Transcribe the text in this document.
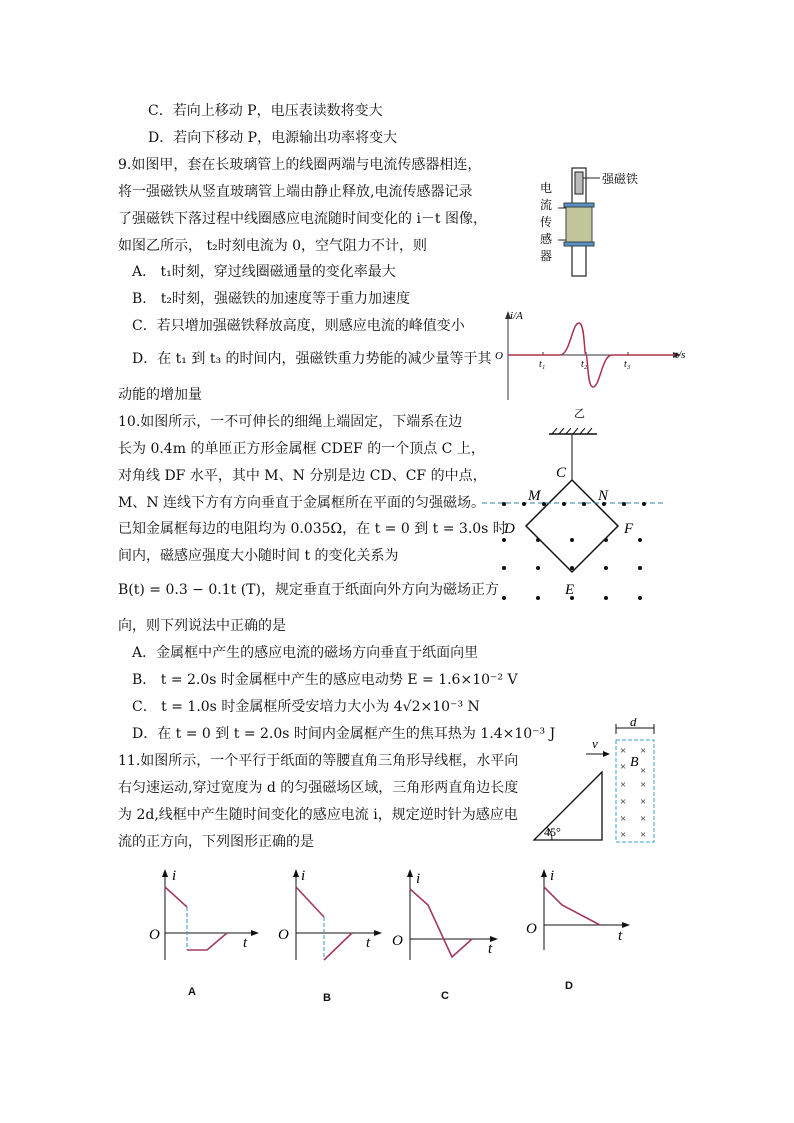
C．若向上移动 P，电压表读数将变大
D．若向下移动 P，电源输出功率将变大
9.如图甲，套在长玻璃管上的线圈两端与电流传感器相连，
将一强磁铁从竖直玻璃管上端由静止释放,电流传感器记录
了强磁铁下落过程中线圈感应电流随时间变化的 i－t 图像，
如图乙所示， t₂时刻电流为 0，空气阻力不计，则
A． t₁时刻，穿过线圈磁通量的变化率最大
B． t₂时刻，强磁铁的加速度等于重力加速度
C．若只增加强磁铁释放高度，则感应电流的峰值变小
D．在 t₁ 到 t₃ 的时间内，强磁铁重力势能的减少量等于其
动能的增加量
强磁铁
电
流
传
感
器
i/A
t/s
O
t₁	t₂	t₃
乙
10.如图所示，一不可伸长的细绳上端固定，下端系在边
长为 0.4m 的单匝正方形金属框 CDEF 的一个顶点 C 上，
对角线 DF 水平，其中 M、N 分别是边 CD、CF 的中点，
M、N 连线下方有方向垂直于金属框所在平面的匀强磁场。
已知金属框每边的电阻均为 0.035Ω，在 t = 0 到 t = 3.0s 时
间内，磁感应强度大小随时间 t 的变化关系为
B(t) = 0.3 − 0.1t (T)，规定垂直于纸面向外方向为磁场正方
向，则下列说法中正确的是
A．金属框中产生的感应电流的磁场方向垂直于纸面向里
B． t = 2.0s 时金属框中产生的感应电动势 E = 1.6×10⁻² V
C． t = 1.0s 时金属框所受安培力大小为 4√2×10⁻³ N
D．在 t = 0 到 t = 2.0s 时间内金属框产生的焦耳热为 1.4×10⁻³ J
C
D
E
F
M	N
11.如图所示，一个平行于纸面的等腰直角三角形导线框，水平向
右匀速运动,穿过宽度为 d 的匀强磁场区域，三角形两直角边长度
为 2d,线框中产生随时间变化的感应电流 i，规定逆时针为感应电
流的正方向，下列图形正确的是
45°
v
d
× ×
× ×
× ×
× ×
× ×
× ×
B
i
t
O
A
i
t
O
B
i
t
O
C
i
t
O
D
